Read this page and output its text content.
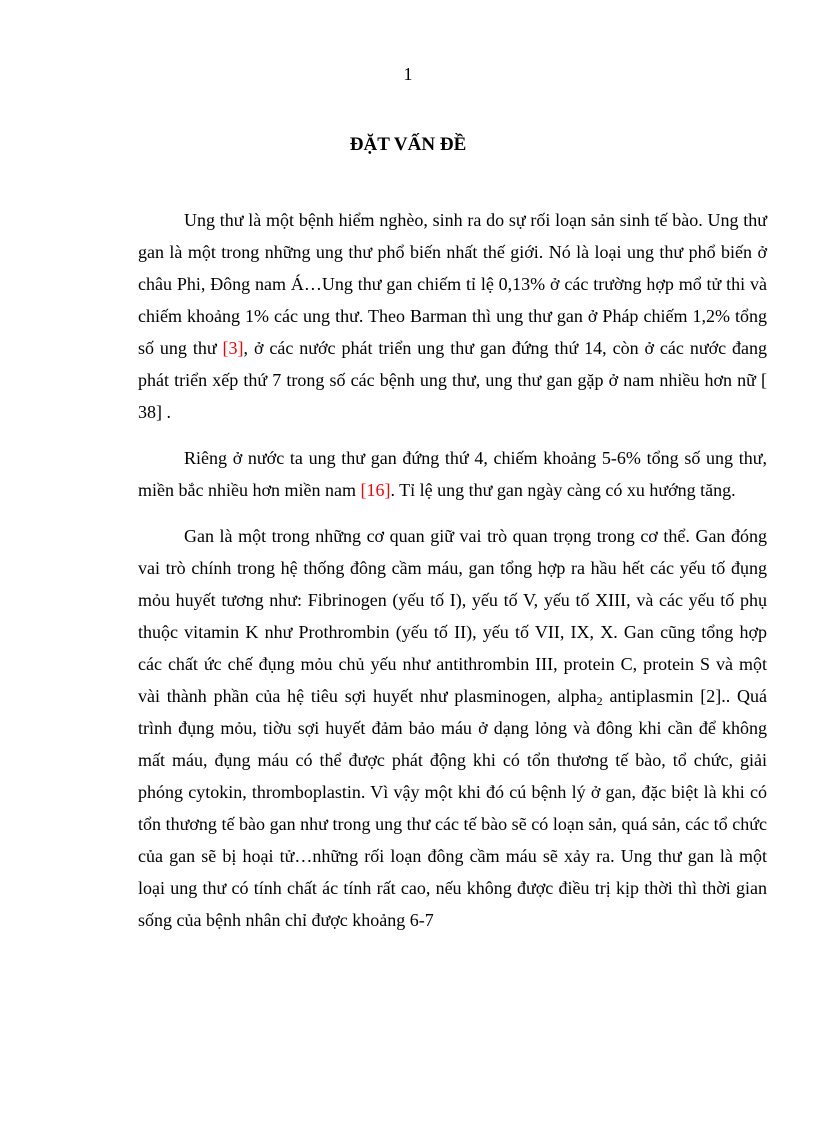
1
ĐẶT VẤN ĐỀ

Ung thư là một bệnh hiểm nghèo, sinh ra do sự rối loạn sản sinh tế bào. Ung thư gan là một trong những ung thư phổ biến nhất thế giới. Nó là loại ung thư phổ biến ở châu Phi, Đông nam Á…Ung thư gan chiếm tỉ lệ 0,13% ở các trường hợp mổ tử thi và chiếm khoảng 1% các ung thư. Theo Barman thì ung thư gan ở Pháp chiếm 1,2% tổng số ung thư [3], ở các nước phát triển ung thư gan đứng thứ 14, còn ở các nước đang phát triển xếp thứ 7 trong số các bệnh ung thư, ung thư gan gặp ở nam nhiều hơn nữ [ 38] .

Riêng ở nước ta ung thư gan đứng thứ 4, chiếm khoảng 5-6% tổng số ung thư, miền bắc nhiều hơn miền nam [16]. Tỉ lệ ung thư gan ngày càng có xu hướng tăng.

Gan là một trong những cơ quan giữ vai trò quan trọng trong cơ thể. Gan đóng vai trò chính trong hệ thống đông cầm máu, gan tổng hợp ra hầu hết các yếu tố đụng mỏu huyết tương như: Fibrinogen (yếu tố I), yếu tố V, yếu tố XIII, và các yếu tố phụ thuộc vitamin K như Prothrombin (yếu tố II), yếu tố VII, IX, X. Gan cũng tổng hợp các chất ức chế đụng mỏu chủ yếu như antithrombin III, protein C, protein S và một vài thành phần của hệ tiêu sợi huyết như plasminogen, alpha$_2$ antiplasmin [2].. Quá trình đụng mỏu, tiờu sợi huyết đảm bảo máu ở dạng lỏng và đông khi cần để không mất máu, đụng máu có thể được phát động khi có tổn thương tế bào, tổ chức, giải phóng cytokin, thromboplastin. Vì vậy một khi đó cú bệnh lý ở gan, đặc biệt là khi có tổn thương tế bào gan như trong ung thư các tế bào sẽ có loạn sản, quá sản, các tổ chức của gan sẽ bị hoại tử…những rối loạn đông cầm máu sẽ xảy ra. Ung thư gan là một loại ung thư có tính chất ác tính rất cao, nếu không được điều trị kịp thời thì thời gian sống của bệnh nhân chỉ được khoảng 6-7
